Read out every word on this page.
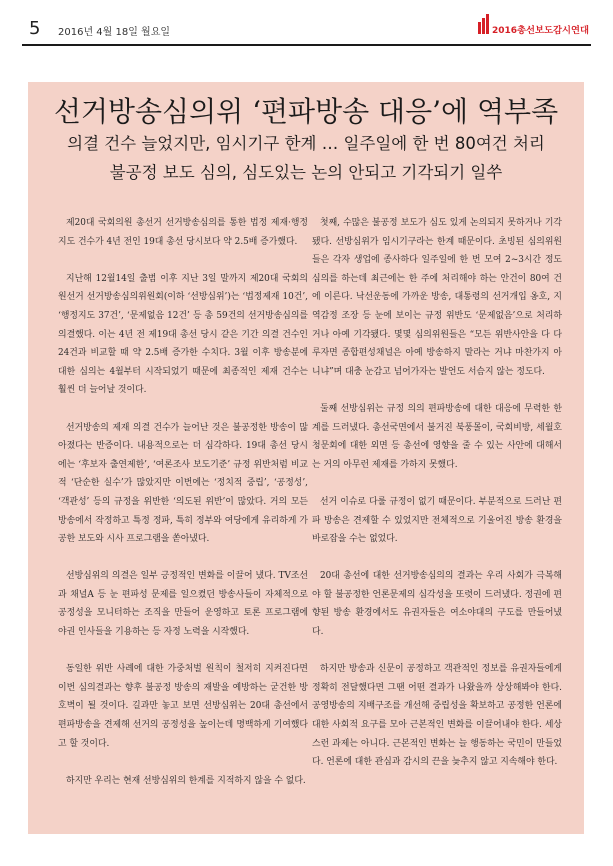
5 2016년 4월 18일 월요일	2016 총선보도감시연대
선거방송심의위 ‘편파방송 대응’에 역부족
의결 건수 늘었지만, 임시기구 한계 … 일주일에 한 번 80여건 처리
불공정 보도 심의, 심도있는 논의 안되고 기각되기 일쑤

제20대 국회의원 총선거 선거방송심의를 통한 법정 제재·행정지도 건수가 4년 전인 19대 총선 당시보다 약 2.5배 증가했다.

지난해 12월14일 출범 이후 지난 3일 말까지 제20대 국회의원선거 선거방송심의위원회(이하 ‘선방심위’)는 ‘법정제재 10건’, ‘행정지도 37건’, ‘문제없음 12건’ 등 총 59건의 선거방송심의를 의결했다. 이는 4년 전 제19대 총선 당시 같은 기간 의결 건수인 24건과 비교할 때 약 2.5배 증가한 수치다. 3월 이후 방송분에 대한 심의는 4월부터 시작되었기 때문에 최종적인 제재 건수는 훨씬 더 늘어날 것이다.

선거방송의 제재 의결 건수가 늘어난 것은 불공정한 방송이 많아졌다는 반증이다. 내용적으로는 더 심각하다. 19대 총선 당시에는 ‘후보자 출연제한’, ‘여론조사 보도기준’ 규정 위반처럼 비교적 ‘단순한 실수’가 많았지만 이번에는 ‘정치적 중립’, ‘공정성’, ‘객관성’ 등의 규정을 위반한 ‘의도된 위반’이 많았다. 거의 모든 방송에서 작정하고 특정 정파, 특히 정부와 여당에게 유리하게 가공한 보도와 시사 프로그램을 쏟아냈다.

선방심위의 의결은 일부 긍정적인 변화를 이끌어 냈다. TV조선과 채널A 등 눈 편파성 문제를 일으켰던 방송사들이 자체적으로 공정성을 모니터하는 조직을 만들어 운영하고 토론 프로그램에 야권 인사들을 기용하는 등 자정 노력을 시작했다.

동일한 위반 사례에 대한 가중처벌 원칙이 철저히 지켜진다면 이번 심의결과는 향후 불공정 방송의 재발을 예방하는 굳건한 방호벽이 될 것이다. 길과만 놓고 보면 선방심위는 20대 총선에서 편파방송을 견제해 선거의 공정성을 높이는데 명백하게 기여했다고 할 것이다.

하지만 우리는 현재 선방심위의 한계를 지적하지 않을 수 없다.

첫째, 수많은 불공정 보도가 심도 있게 논의되지 못하거나 기각됐다. 선방심위가 임시기구라는 한계 때문이다. 초빙된 심의위원들은 각자 생업에 종사하다 일주일에 한 번 모여 2~3시간 정도 심의를 하는데 최근에는 한 주에 처리해야 하는 안건이 80여 건에 이른다. 낙선운동에 가까운 방송, 대통령의 선거개입 옹호, 지역감정 조장 등 눈에 보이는 규정 위반도 ‘문제없음’으로 처리하거나 아예 기각됐다. 몇몇 심의위원들은 “모든 위반사안을 다 다루자면 종합편성채널은 아예 방송하지 말라는 거냐 마찬가지 아니냐”며 대충 눈감고 넘어가자는 발언도 서슴지 않는 정도다.

둘째 선방심위는 규정 의의 편파방송에 대한 대응에 무력한 한계를 드러냈다. 총선국면에서 불거진 북풍몰이, 국회비방, 세월호청문회에 대한 외면 등 총선에 영향을 줄 수 있는 사안에 대해서는 거의 아무런 제재를 가하지 못했다.

선거 이슈로 다룰 규정이 없기 때문이다. 부분적으로 드러난 편파 방송은 견제할 수 있었지만 전체적으로 기울어진 방송 환경을 바로잡을 수는 없었다.

20대 총선에 대한 선거방송심의의 결과는 우리 사회가 극복해야 할 불공정한 언론문제의 심각성을 또렷이 드러냈다. 정권에 편향된 방송 환경에서도 유권자들은 여소야대의 구도를 만들어냈다.

하지만 방송과 신문이 공정하고 객관적인 정보를 유권자들에게 정확히 전달했다면 그땐 어떤 결과가 나왔을까 상상해봐야 한다. 공영방송의 지배구조를 개선해 중립성을 확보하고 공정한 언론에 대한 사회적 요구를 모아 근본적인 변화를 이끌어내야 한다. 세상스런 과제는 아니다. 근본적인 변화는 늘 행동하는 국민이 만들었다. 언론에 대한 관심과 감시의 끈을 늦추지 않고 지속해야 한다.
